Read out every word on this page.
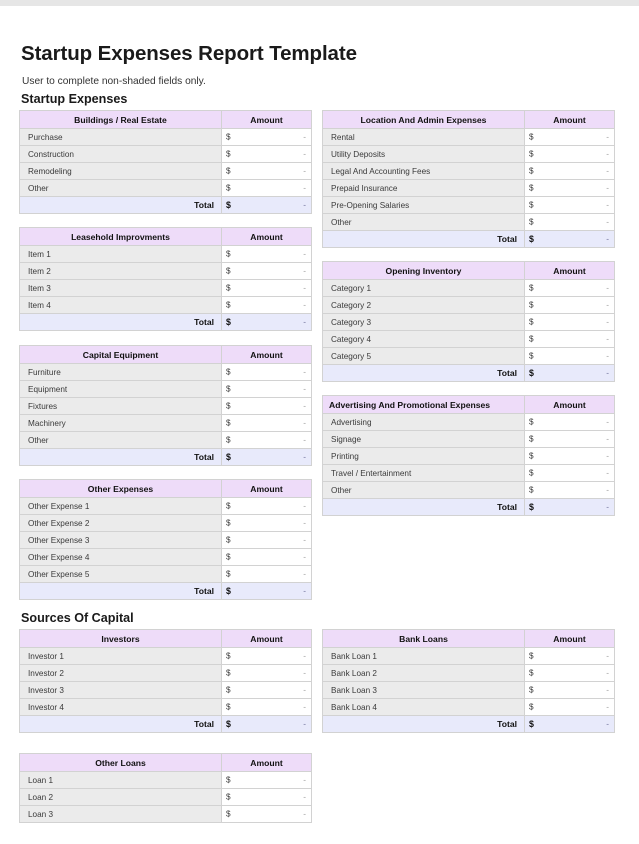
Startup Expenses Report Template
User to complete non-shaded fields only.
Startup Expenses
Sources Of Capital
Buildings / Real Estate	Amount
Purchase	$ -

Construction	$ -

Remodeling	$ -

Other	$ -

Total	$ -
Leasehold Improvments	Amount
Item 1	$ -

Item 2	$ -

Item 3	$ -

Item 4	$ -

Total	$ -
Capital Equipment	Amount
Furniture	$ -

Equipment	$ -

Fixtures	$ -

Machinery	$ -

Other	$ -

Total	$ -
Other Expenses	Amount
Other Expense 1	$ -

Other Expense 2	$ -

Other Expense 3	$ -

Other Expense 4	$ -

Other Expense 5	$ -

Total	$ -
Location And Admin Expenses	Amount
Rental	$ -

Utility Deposits	$ -

Legal And Accounting Fees	$ -

Prepaid Insurance	$ -

Pre-Opening Salaries	$ -

Other	$ -

Total	$ -
Opening Inventory	Amount
Category 1	$ -

Category 2	$ -

Category 3	$ -

Category 4	$ -

Category 5	$ -

Total	$ -
Advertising And Promotional Expenses	Amount
Advertising	$ -

Signage	$ -

Printing	$ -

Travel / Entertainment	$ -

Other	$ -

Total	$ -
Investors	Amount
Investor 1	$ -

Investor 2	$ -

Investor 3	$ -

Investor 4	$ -

Total	$ -
Bank Loans	Amount
Bank Loan 1	$ -

Bank Loan 2	$ -

Bank Loan 3	$ -

Bank Loan 4	$ -

Total	$ -
Other Loans	Amount
Loan 1	$ -

Loan 2	$ -

Loan 3	$ -
